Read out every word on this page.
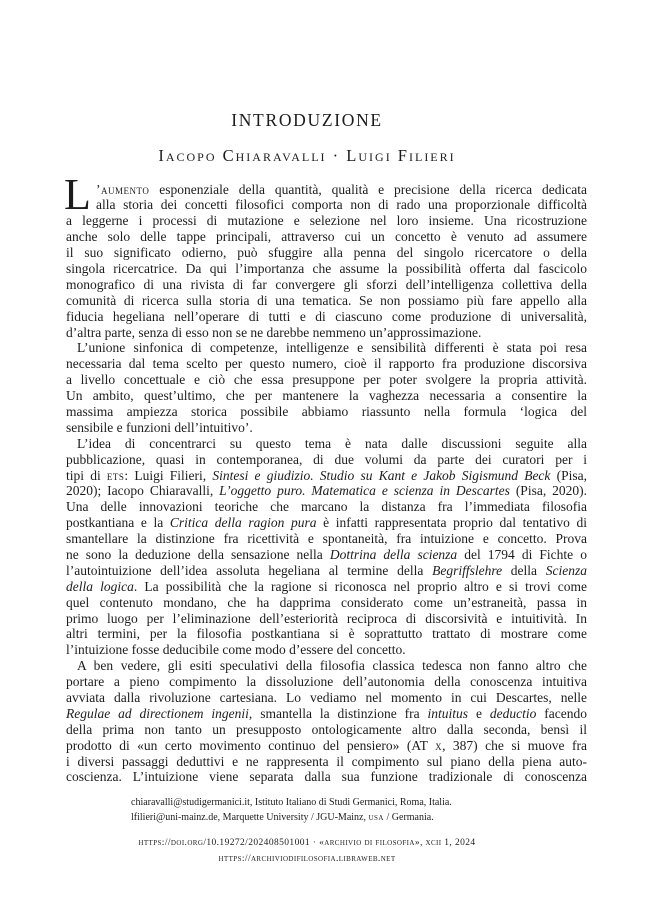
INTRODUZIONE
Iacopo Chiaravalli · Luigi Filieri
L ’aumento esponenziale della quantità, qualità e precisione della ricerca dedicata
alla storia dei concetti filosofici comporta non di rado una proporzionale difficoltà
a leggerne i processi di mutazione e selezione nel loro insieme. Una ricostruzione
anche solo delle tappe principali, attraverso cui un concetto è venuto ad assumere
il suo significato odierno, può sfuggire alla penna del singolo ricercatore o della
singola ricercatrice. Da qui l’importanza che assume la possibilità offerta dal fascicolo
monografico di una rivista di far convergere gli sforzi dell’intelligenza collettiva della
comunità di ricerca sulla storia di una tematica. Se non possiamo più fare appello alla
fiducia hegeliana nell’operare di tutti e di ciascuno come produzione di universalità,
d’altra parte, senza di esso non se ne darebbe nemmeno un’approssimazione.
L’unione sinfonica di competenze, intelligenze e sensibilità differenti è stata poi resa
necessaria dal tema scelto per questo numero, cioè il rapporto fra produzione discorsiva
a livello concettuale e ciò che essa presuppone per poter svolgere la propria attività.
Un ambito, quest’ultimo, che per mantenere la vaghezza necessaria a consentire la
massima ampiezza storica possibile abbiamo riassunto nella formula ‘logica del
sensibile e funzioni dell’intuitivo’.
L’idea di concentrarci su questo tema è nata dalle discussioni seguite alla
pubblicazione, quasi in contemporanea, di due volumi da parte dei curatori per i
tipi di ets: Luigi Filieri, Sintesi e giudizio. Studio su Kant e Jakob Sigismund Beck (Pisa,
2020); Iacopo Chiaravalli, L’oggetto puro. Matematica e scienza in Descartes (Pisa, 2020).
Una delle innovazioni teoriche che marcano la distanza fra l’immediata filosofia
postkantiana e la Critica della ragion pura è infatti rappresentata proprio dal tentativo di
smantellare la distinzione fra ricettività e spontaneità, fra intuizione e concetto. Prova
ne sono la deduzione della sensazione nella Dottrina della scienza del 1794 di Fichte o
l’autointuizione dell’idea assoluta hegeliana al termine della Begriffslehre della Scienza
della logica. La possibilità che la ragione si riconosca nel proprio altro e si trovi come
quel contenuto mondano, che ha dapprima considerato come un’estraneità, passa in
primo luogo per l’eliminazione dell’esteriorità reciproca di discorsività e intuitività. In
altri termini, per la filosofia postkantiana si è soprattutto trattato di mostrare come
l’intuizione fosse deducibile come modo d’essere del concetto.
A ben vedere, gli esiti speculativi della filosofia classica tedesca non fanno altro che
portare a pieno compimento la dissoluzione dell’autonomia della conoscenza intuitiva
avviata dalla rivoluzione cartesiana. Lo vediamo nel momento in cui Descartes, nelle
Regulae ad directionem ingenii, smantella la distinzione fra intuitus e deductio facendo
della prima non tanto un presupposto ontologicamente altro dalla seconda, bensì il
prodotto di «un certo movimento continuo del pensiero» (AT x, 387) che si muove fra
i diversi passaggi deduttivi e ne rappresenta il compimento sul piano della piena auto-
coscienza. L’intuizione viene separata dalla sua funzione tradizionale di conoscenza
chiaravalli@studigermanici.it, Istituto Italiano di Studi Germanici, Roma, Italia.
lfilieri@uni-mainz.de, Marquette University / JGU-Mainz, usa / Germania.
https://doi.org/10.19272/202408501001 · «archivio di filosofia», xcii 1, 2024
https://archiviodifilosofia.libraweb.net
